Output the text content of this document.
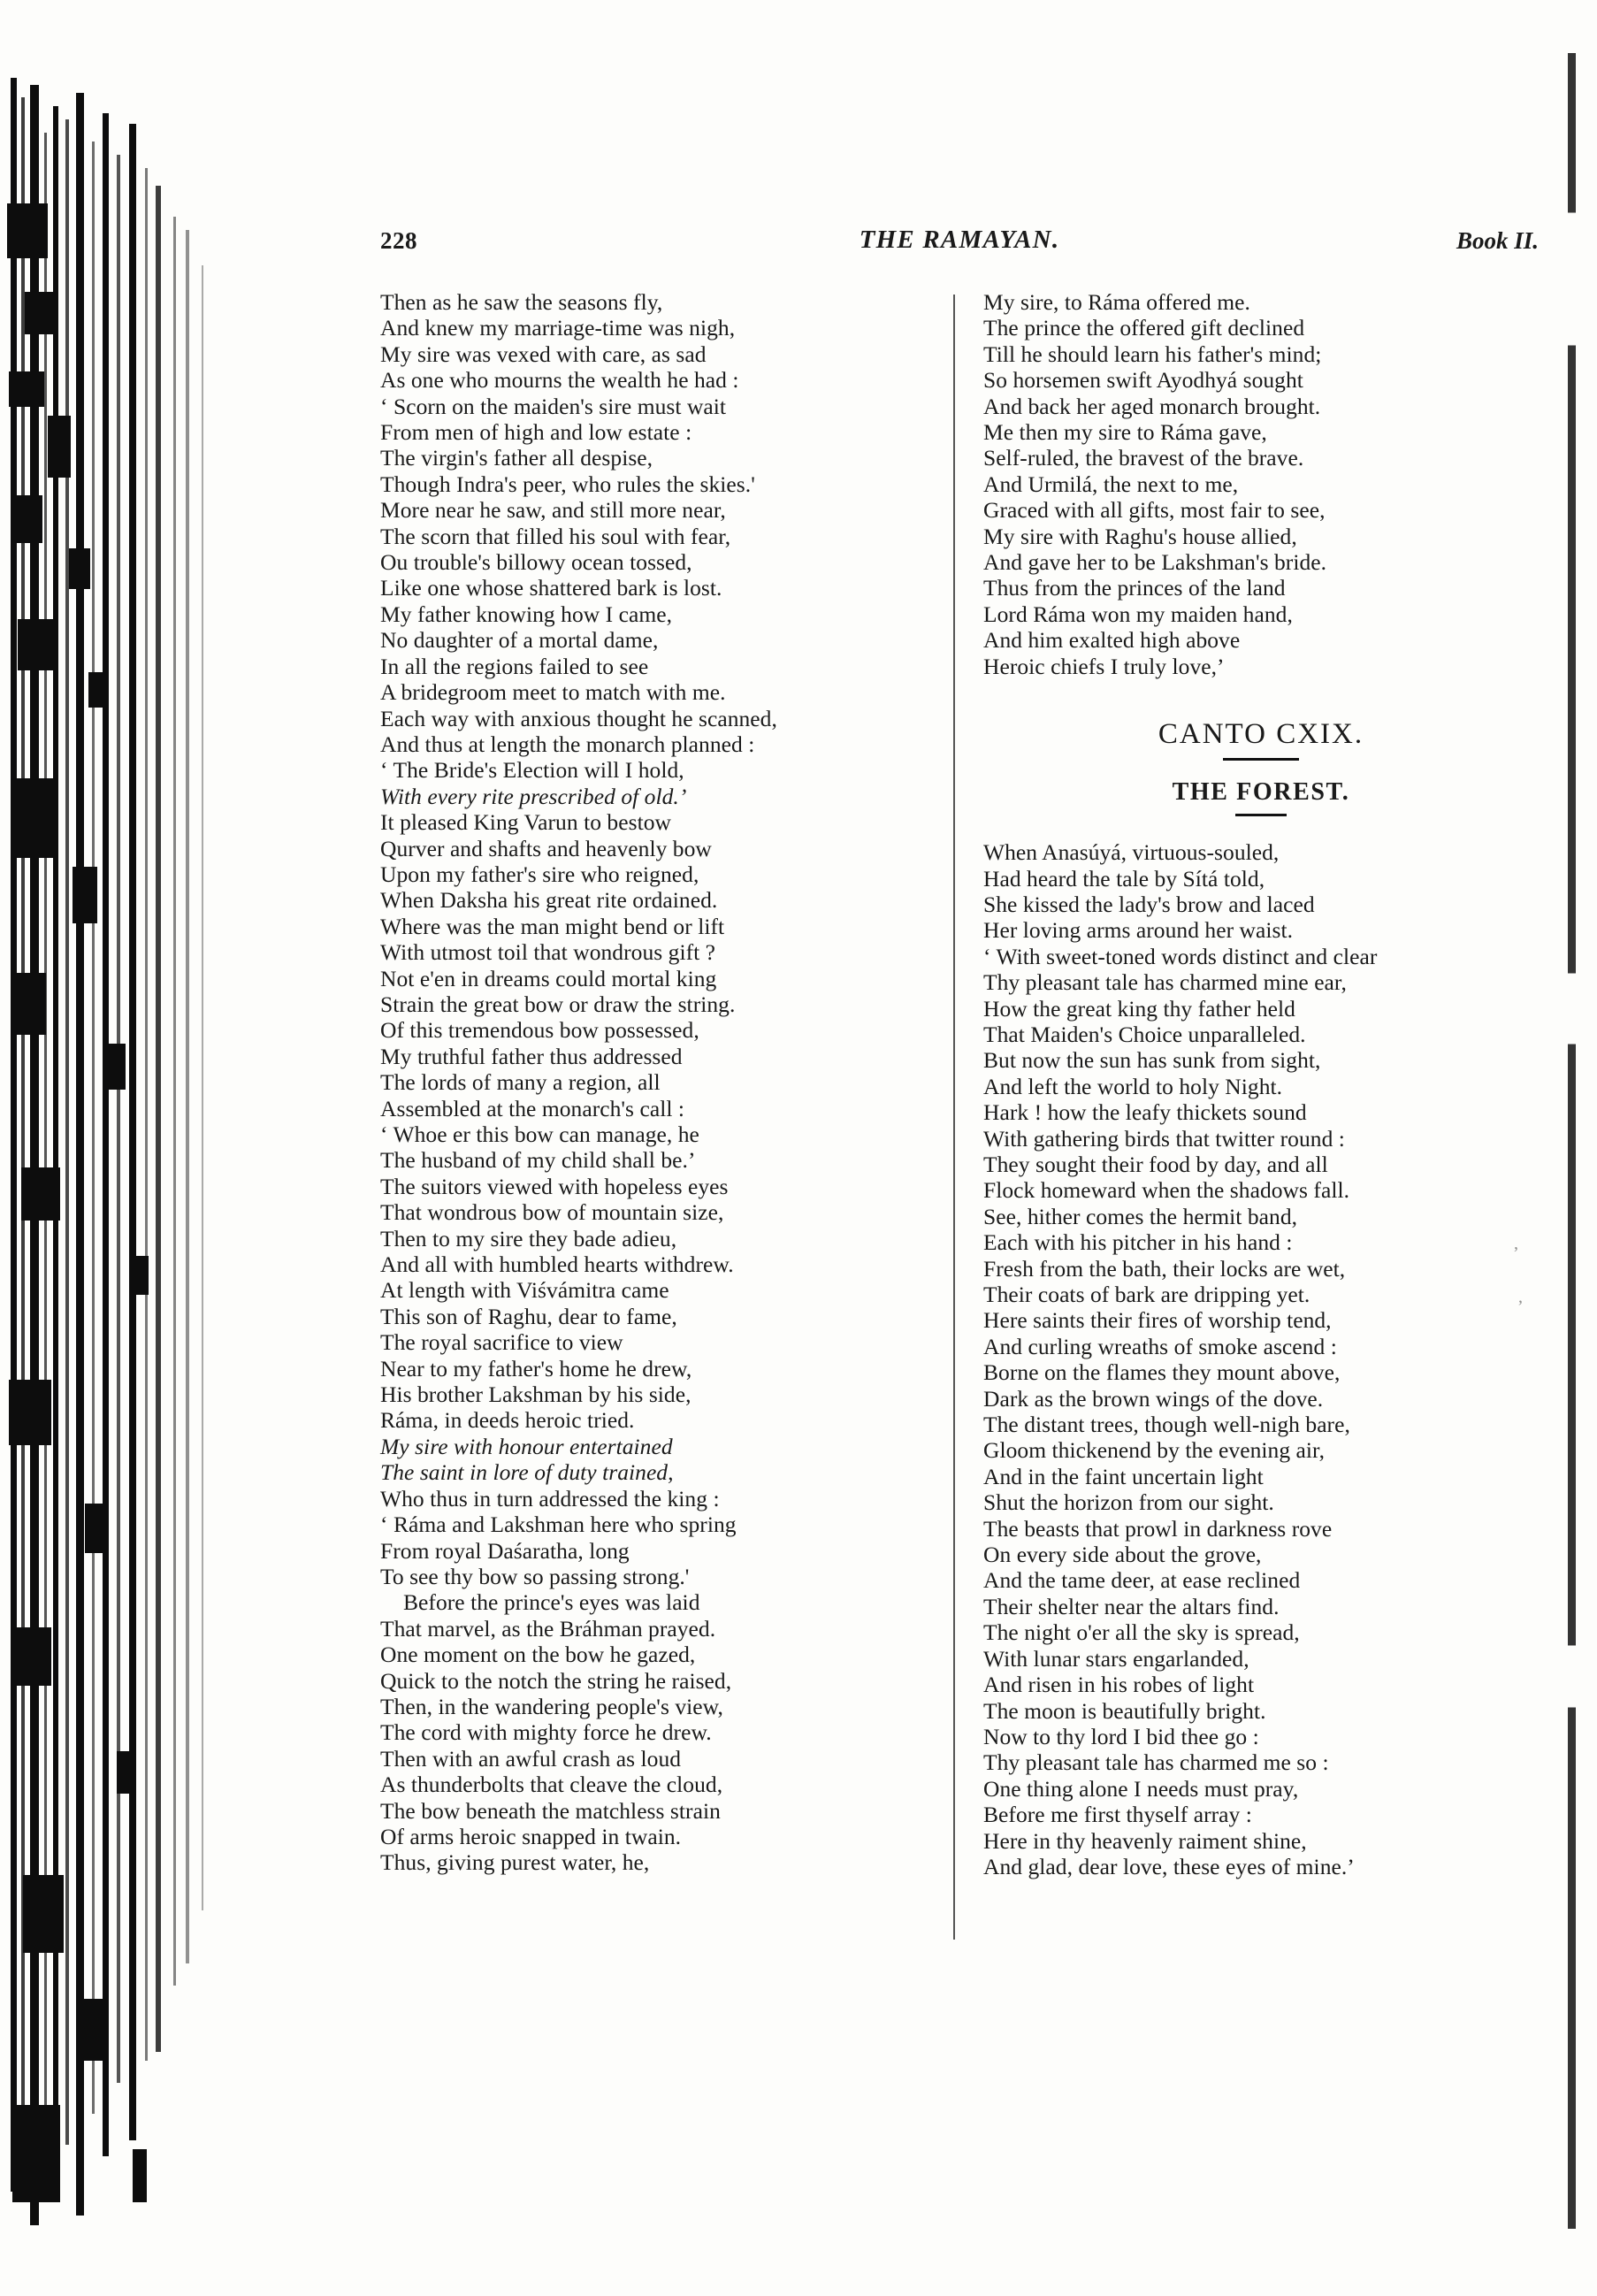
228	THE RAMAYAN.	Book II.
Then as he saw the seasons fly,
And knew my marriage-time was nigh,
My sire was vexed with care, as sad
As one who mourns the wealth he had :
‘ Scorn on the maiden's sire must wait
From men of high and low estate :
The virgin's father all despise,
Though Indra's peer, who rules the skies.'
More near he saw, and still more near,
The scorn that filled his soul with fear,
Ou trouble's billowy ocean tossed,
Like one whose shattered bark is lost.
My father knowing how I came,
No daughter of a mortal dame,
In all the regions failed to see
A bridegroom meet to match with me.
Each way with anxious thought he scanned,
And thus at length the monarch planned :
‘ The Bride's Election will I hold,
With every rite prescribed of old.’
It pleased King Varun to bestow
Qurver and shafts and heavenly bow
Upon my father's sire who reigned,
When Daksha his great rite ordained.
Where was the man might bend or lift
With utmost toil that wondrous gift ?
Not e'en in dreams could mortal king
Strain the great bow or draw the string.
Of this tremendous bow possessed,
My truthful father thus addressed
The lords of many a region, all
Assembled at the monarch's call :
‘ Whoe er this bow can manage, he
The husband of my child shall be.’
The suitors viewed with hopeless eyes
That wondrous bow of mountain size,
Then to my sire they bade adieu,
And all with humbled hearts withdrew.
At length with Viśvámitra came
This son of Raghu, dear to fame,
The royal sacrifice to view
Near to my father's home he drew,
His brother Lakshman by his side,
Ráma, in deeds heroic tried.
My sire with honour entertained
The saint in lore of duty trained,
Who thus in turn addressed the king :
‘ Ráma and Lakshman here who spring
From royal Daśaratha, long
To see thy bow so passing strong.'
Before the prince's eyes was laid
That marvel, as the Bráhman prayed.
One moment on the bow he gazed,
Quick to the notch the string he raised,
Then, in the wandering people's view,
The cord with mighty force he drew.
Then with an awful crash as loud
As thunderbolts that cleave the cloud,
The bow beneath the matchless strain
Of arms heroic snapped in twain.
Thus, giving purest water, he,
My sire, to Ráma offered me.
The prince the offered gift declined
Till he should learn his father's mind;
So horsemen swift Ayodhyá sought
And back her aged monarch brought.
Me then my sire to Ráma gave,
Self-ruled, the bravest of the brave.
And Urmilá, the next to me,
Graced with all gifts, most fair to see,
My sire with Raghu's house allied,
And gave her to be Lakshman's bride.
Thus from the princes of the land
Lord Ráma won my maiden hand,
And him exalted high above
Heroic chiefs I truly love,’
CANTO CXIX.
THE FOREST.
When Anasúyá, virtuous-souled,
Had heard the tale by Sítá told,
She kissed the lady's brow and laced
Her loving arms around her waist.
‘ With sweet-toned words distinct and clear
Thy pleasant tale has charmed mine ear,
How the great king thy father held
That Maiden's Choice unparalleled.
But now the sun has sunk from sight,
And left the world to holy Night.
Hark ! how the leafy thickets sound
With gathering birds that twitter round :
They sought their food by day, and all
Flock homeward when the shadows fall.
See, hither comes the hermit band,
Each with his pitcher in his hand :
Fresh from the bath, their locks are wet,
Their coats of bark are dripping yet.
Here saints their fires of worship tend,
And curling wreaths of smoke ascend :
Borne on the flames they mount above,
Dark as the brown wings of the dove.
The distant trees, though well-nigh bare,
Gloom thickenend by the evening air,
And in the faint uncertain light
Shut the horizon from our sight.
The beasts that prowl in darkness rove
On every side about the grove,
And the tame deer, at ease reclined
Their shelter near the altars find.
The night o'er all the sky is spread,
With lunar stars engarlanded,
And risen in his robes of light
The moon is beautifully bright.
Now to thy lord I bid thee go :
Thy pleasant tale has charmed me so :
One thing alone I needs must pray,
Before me first thyself array :
Here in thy heavenly raiment shine,
And glad, dear love, these eyes of mine.’
,
ʼ
